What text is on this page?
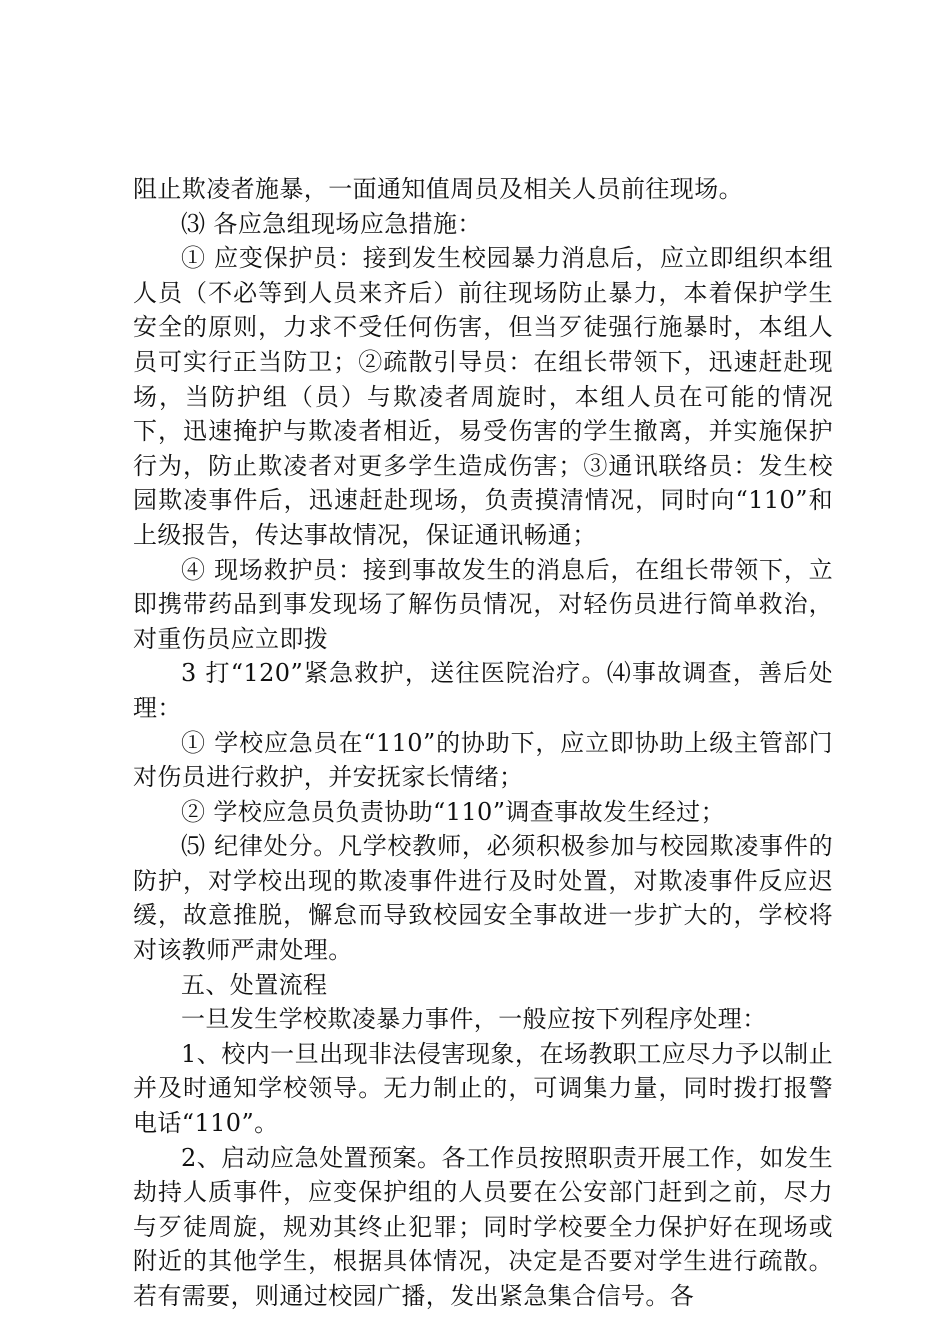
阻止欺凌者施暴，一面通知值周员及相关人员前往现场。

⑶ 各应急组现场应急措施：

① 应变保护员：接到发生校园暴力消息后，应立即组织本组人员（不必等到人员来齐后）前往现场防止暴力，本着保护学生安全的原则，力求不受任何伤害，但当歹徒强行施暴时，本组人员可实行正当防卫；②疏散引导员：在组长带领下，迅速赶赴现场，当防护组（员）与欺凌者周旋时，本组人员在可能的情况下，迅速掩护与欺凌者相近，易受伤害的学生撤离，并实施保护行为，防止欺凌者对更多学生造成伤害；③通讯联络员：发生校园欺凌事件后，迅速赶赴现场，负责摸清情况，同时向“110”和上级报告，传达事故情况，保证通讯畅通；

④ 现场救护员：接到事故发生的消息后，在组长带领下，立即携带药品到事发现场了解伤员情况，对轻伤员进行简单救治，对重伤员应立即拨

3 打“120”紧急救护，送往医院治疗。⑷事故调查，善后处理：

① 学校应急员在“110”的协助下，应立即协助上级主管部门对伤员进行救护，并安抚家长情绪；

② 学校应急员负责协助“110”调查事故发生经过；

⑸ 纪律处分。凡学校教师，必须积极参加与校园欺凌事件的防护，对学校出现的欺凌事件进行及时处置，对欺凌事件反应迟缓，故意推脱，懈怠而导致校园安全事故进一步扩大的，学校将对该教师严肃处理。

五、处置流程

一旦发生学校欺凌暴力事件，一般应按下列程序处理：

1、校内一旦出现非法侵害现象，在场教职工应尽力予以制止并及时通知学校领导。无力制止的，可调集力量，同时拨打报警电话“110”。

2、启动应急处置预案。各工作员按照职责开展工作，如发生劫持人质事件，应变保护组的人员要在公安部门赶到之前，尽力与歹徒周旋，规劝其终止犯罪；同时学校要全力保护好在现场或附近的其他学生，根据具体情况，决定是否要对学生进行疏散。若有需要，则通过校园广播，发出紧急集合信号。各
